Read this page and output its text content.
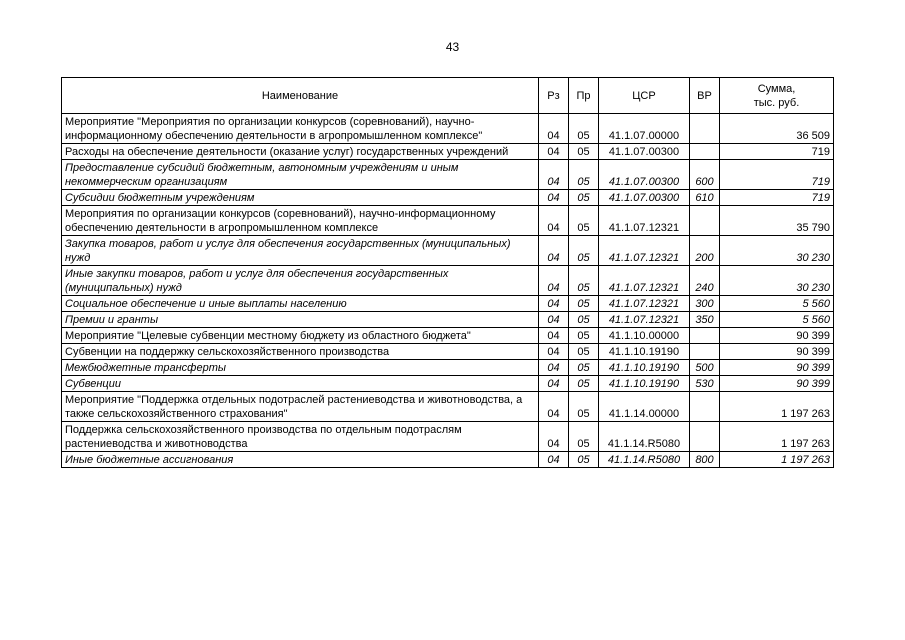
43
Наименование	Рз	Пр	ЦСР	ВР	Сумма,
тыс. руб.
Мероприятие "Мероприятия по организации конкурсов (соревнований), научно-информационному обеспечению деятельности в агропромышленном комплексе"	04	05	41.1.07.00000		36 509
Расходы на обеспечение деятельности (оказание услуг) государственных учреждений	04	05	41.1.07.00300		719
Предоставление субсидий бюджетным, автономным учреждениям и иным некоммерческим организациям	04	05	41.1.07.00300	600	719
Субсидии бюджетным учреждениям	04	05	41.1.07.00300	610	719
Мероприятия по организации конкурсов (соревнований), научно-информационному обеспечению деятельности в агропромышленном комплексе	04	05	41.1.07.12321		35 790
Закупка товаров, работ и услуг для обеспечения государственных (муниципальных) нужд	04	05	41.1.07.12321	200	30 230
Иные закупки товаров, работ и услуг для обеспечения государственных (муниципальных) нужд	04	05	41.1.07.12321	240	30 230
Социальное обеспечение и иные выплаты населению	04	05	41.1.07.12321	300	5 560
Премии и гранты	04	05	41.1.07.12321	350	5 560
Мероприятие "Целевые субвенции местному бюджету из областного бюджета"	04	05	41.1.10.00000		90 399
Субвенции на поддержку сельскохозяйственного производства	04	05	41.1.10.19190		90 399
Межбюджетные трансферты	04	05	41.1.10.19190	500	90 399
Субвенции	04	05	41.1.10.19190	530	90 399
Мероприятие "Поддержка отдельных подотраслей растениеводства и животноводства, а также сельскохозяйственного страхования"	04	05	41.1.14.00000		1 197 263
Поддержка сельскохозяйственного производства по отдельным подотраслям растениеводства и животноводства	04	05	41.1.14.R5080		1 197 263
Иные бюджетные ассигнования	04	05	41.1.14.R5080	800	1 197 263
